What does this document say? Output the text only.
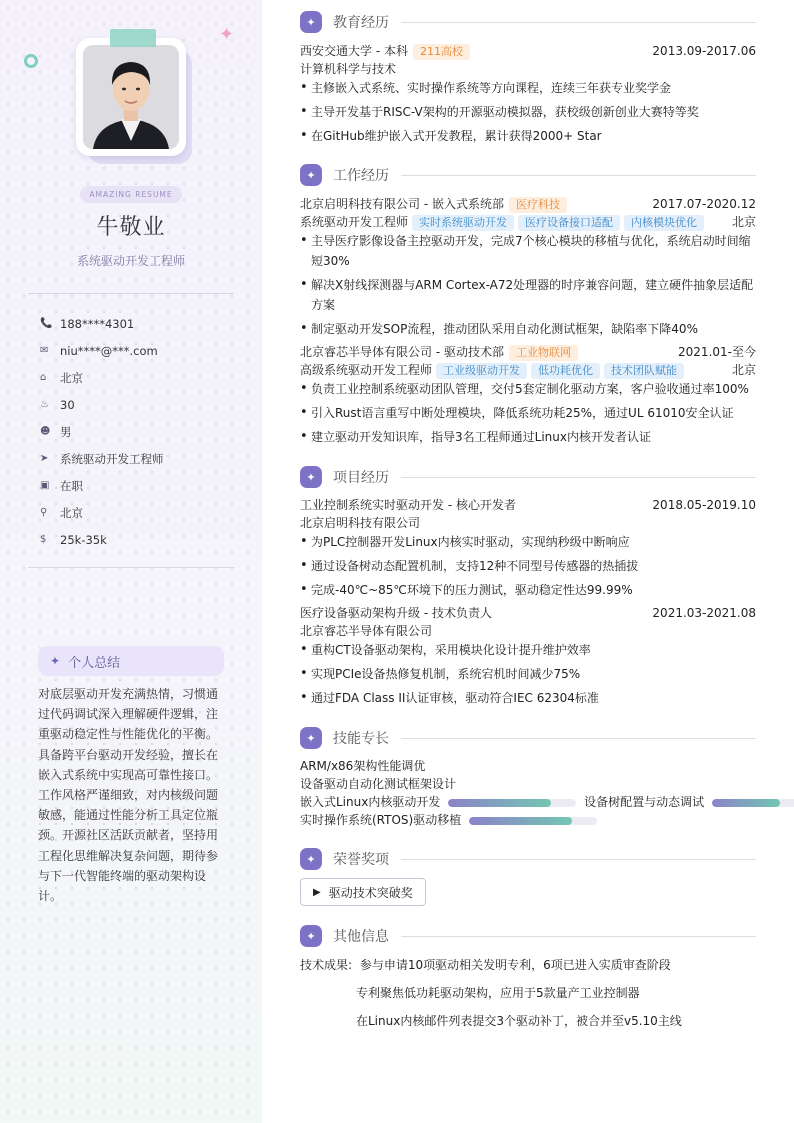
✦
AMAZING RESUME
牛敬业
系统驱动开发工程师
📞 188****4301
✉	niu****@***.com
⌂	北京
♨ 30
☻ 男
➤	系统驱动开发工程师
▣ 在职
⚲	北京
$	25k-35k
✦ 个人总结
对底层驱动开发充满热情，习惯通过代码调试深入理解硬件逻辑，注重驱动稳定性与性能优化的平衡。具备跨平台驱动开发经验，擅长在嵌入式系统中实现高可靠性接口。工作风格严谨细致，对内核级问题敏感，能通过性能分析工具定位瓶颈。开源社区活跃贡献者，坚持用工程化思维解决复杂问题，期待参与下一代智能终端的驱动架构设计。
✦	教育经历
西安交通大学 - 本科 211高校	2013.09-2017.06
计算机科学与技术
• 主修嵌入式系统、实时操作系统等方向课程，连续三年获专业奖学金
• 主导开发基于RISC-V架构的开源驱动模拟器，获校级创新创业大赛特等奖
• 在GitHub维护嵌入式开发教程，累计获得2000+ Star
✦	工作经历
北京启明科技有限公司 - 嵌入式系统部 医疗科技	2017.07-2020.12
系统驱动开发工程师 实时系统驱动开发 医疗设备接口适配 内核模块优化	北京
• 主导医疗影像设备主控驱动开发，完成7个核心模块的移植与优化，系统启动时间缩短30%
• 解决X射线探测器与ARM Cortex-A72处理器的时序兼容问题，建立硬件抽象层适配方案
• 制定驱动开发SOP流程，推动团队采用自动化测试框架，缺陷率下降40%
北京睿芯半导体有限公司 - 驱动技术部 工业物联网	2021.01-至今
高级系统驱动开发工程师 工业级驱动开发 低功耗优化 技术团队赋能	北京
• 负责工业控制系统驱动团队管理，交付5套定制化驱动方案，客户验收通过率100%
• 引入Rust语言重写中断处理模块，降低系统功耗25%，通过UL 61010安全认证
• 建立驱动开发知识库，指导3名工程师通过Linux内核开发者认证
✦	项目经历
工业控制系统实时驱动开发 - 核心开发者	2018.05-2019.10
北京启明科技有限公司
• 为PLC控制器开发Linux内核实时驱动，实现纳秒级中断响应
• 通过设备树动态配置机制，支持12种不同型号传感器的热插拔
• 完成-40℃~85℃环境下的压力测试，驱动稳定性达99.99%
医疗设备驱动架构升级 - 技术负责人	2021.03-2021.08
北京睿芯半导体有限公司
• 重构CT设备驱动架构，采用模块化设计提升维护效率
• 实现PCIe设备热修复机制，系统宕机时间减少75%
• 通过FDA Class II认证审核，驱动符合IEC 62304标准
✦	技能专长
ARM/x86架构性能调优
设备驱动自动化测试框架设计
嵌入式Linux内核驱动开发	设备树配置与动态调试
实时操作系统(RTOS)驱动移植
✦	荣誉奖项
▶ 驱动技术突破奖
✦	其他信息
技术成果: 参与申请10项驱动相关发明专利，6项已进入实质审查阶段
专利聚焦低功耗驱动架构，应用于5款量产工业控制器
在Linux内核邮件列表提交3个驱动补丁，被合并至v5.10主线
